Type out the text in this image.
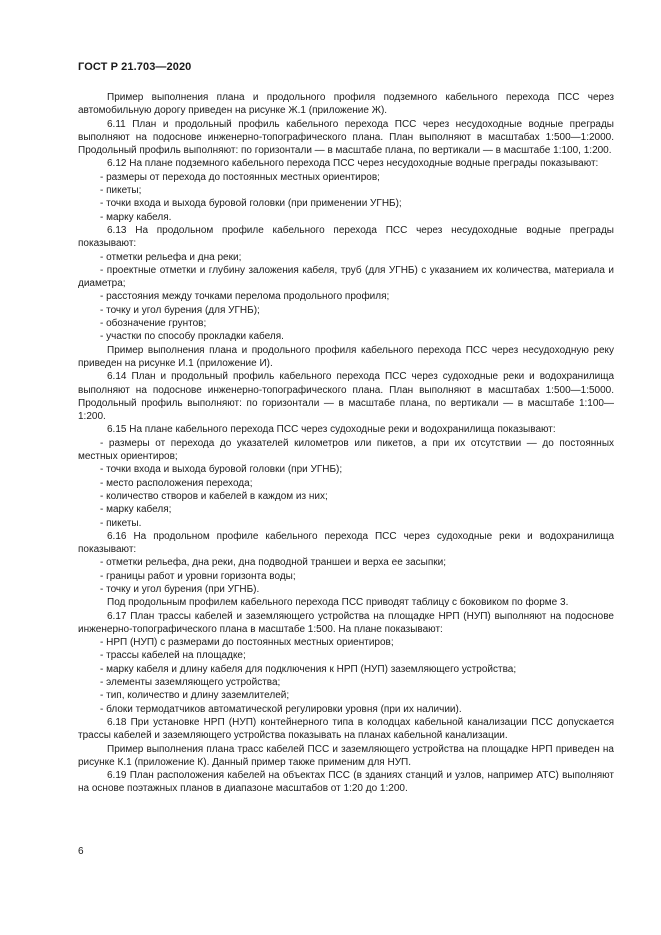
ГОСТ Р 21.703—2020

Пример выполнения плана и продольного профиля подземного кабельного перехода ПСС через автомобильную дорогу приведен на рисунке Ж.1 (приложение Ж).

6.11 План и продольный профиль кабельного перехода ПСС через несудоходные водные преграды выполняют на подоснове инженерно-топографического плана. План выполняют в масштабах 1:500—1:2000. Продольный профиль выполняют: по горизонтали — в масштабе плана, по вертикали — в масштабе 1:100, 1:200.

6.12 На плане подземного кабельного перехода ПСС через несудоходные водные преграды показывают:

- размеры от перехода до постоянных местных ориентиров;

- пикеты;

- точки входа и выхода буровой головки (при применении УГНБ);

- марку кабеля.

6.13 На продольном профиле кабельного перехода ПСС через несудоходные водные преграды показывают:

- отметки рельефа и дна реки;

- проектные отметки и глубину заложения кабеля, труб (для УГНБ) с указанием их количества, материала и диаметра;

- расстояния между точками перелома продольного профиля;

- точку и угол бурения (для УГНБ);

- обозначение грунтов;

- участки по способу прокладки кабеля.

Пример выполнения плана и продольного профиля кабельного перехода ПСС через несудоходную реку приведен на рисунке И.1 (приложение И).

6.14 План и продольный профиль кабельного перехода ПСС через судоходные реки и водохранилища выполняют на подоснове инженерно-топографического плана. План выполняют в масштабах 1:500—1:5000. Продольный профиль выполняют: по горизонтали — в масштабе плана, по вертикали — в масштабе 1:100—1:200.

6.15 На плане кабельного перехода ПСС через судоходные реки и водохранилища показывают:

- размеры от перехода до указателей километров или пикетов, а при их отсутствии — до постоянных местных ориентиров;

- точки входа и выхода буровой головки (при УГНБ);

- место расположения перехода;

- количество створов и кабелей в каждом из них;

- марку кабеля;

- пикеты.

6.16 На продольном профиле кабельного перехода ПСС через судоходные реки и водохранилища показывают:

- отметки рельефа, дна реки, дна подводной траншеи и верха ее засыпки;

- границы работ и уровни горизонта воды;

- точку и угол бурения (при УГНБ).

Под продольным профилем кабельного перехода ПСС приводят таблицу с боковиком по форме 3.

6.17 План трассы кабелей и заземляющего устройства на площадке НРП (НУП) выполняют на подоснове инженерно-топографического плана в масштабе 1:500. На плане показывают:

- НРП (НУП) с размерами до постоянных местных ориентиров;

- трассы кабелей на площадке;

- марку кабеля и длину кабеля для подключения к НРП (НУП) заземляющего устройства;

- элементы заземляющего устройства;

- тип, количество и длину заземлителей;

- блоки термодатчиков автоматической регулировки уровня (при их наличии).

6.18 При установке НРП (НУП) контейнерного типа в колодцах кабельной канализации ПСС допускается трассы кабелей и заземляющего устройства показывать на планах кабельной канализации.

Пример выполнения плана трасс кабелей ПСС и заземляющего устройства на площадке НРП приведен на рисунке К.1 (приложение К). Данный пример также применим для НУП.

6.19 План расположения кабелей на объектах ПСС (в зданиях станций и узлов, например АТС) выполняют на основе поэтажных планов в диапазоне масштабов от 1:20 до 1:200.

6
